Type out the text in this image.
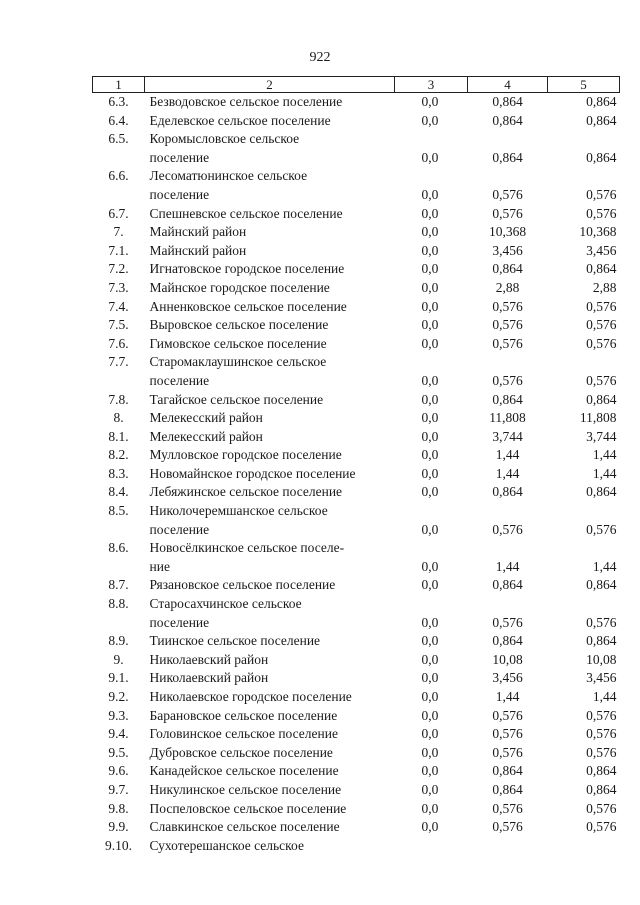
922
1	2	3	4	5
6.3.	Безводовское сельское поселение	0,0	0,864	0,864
6.4.	Еделевское сельское поселение	0,0	0,864	0,864
6.5.	Коромысловское сельское
поселение	0,0	0,864	0,864
6.6.	Лесоматюнинское сельское
поселение	0,0	0,576	0,576
6.7.	Спешневское сельское поселение	0,0	0,576	0,576
7.	Майнский район	0,0	10,368	10,368
7.1.	Майнский район	0,0	3,456	3,456
7.2.	Игнатовское городское поселение	0,0	0,864	0,864
7.3.	Майнское городское поселение	0,0	2,88	2,88
7.4.	Анненковское сельское поселение	0,0	0,576	0,576
7.5.	Выровское сельское поселение	0,0	0,576	0,576
7.6.	Гимовское сельское поселение	0,0	0,576	0,576
7.7.	Старомаклаушинское сельское
поселение	0,0	0,576	0,576
7.8.	Тагайское сельское поселение	0,0	0,864	0,864
8.	Мелекесский район	0,0	11,808	11,808
8.1.	Мелекесский район	0,0	3,744	3,744
8.2.	Мулловское городское поселение	0,0	1,44	1,44
8.3.	Новомайнское городское поселение	0,0	1,44	1,44
8.4.	Лебяжинское сельское поселение	0,0	0,864	0,864
8.5.	Николочеремшанское сельское
поселение	0,0	0,576	0,576
8.6.	Новосёлкинское сельское поселе-
ние	0,0	1,44	1,44
8.7.	Рязановское сельское поселение	0,0	0,864	0,864
8.8.	Старосахчинское сельское
поселение	0,0	0,576	0,576
8.9.	Тиинское сельское поселение	0,0	0,864	0,864
9.	Николаевский район	0,0	10,08	10,08
9.1.	Николаевский район	0,0	3,456	3,456
9.2.	Николаевское городское поселение	0,0	1,44	1,44
9.3.	Барановское сельское поселение	0,0	0,576	0,576
9.4.	Головинское сельское поселение	0,0	0,576	0,576
9.5.	Дубровское сельское поселение	0,0	0,576	0,576
9.6.	Канадейское сельское поселение	0,0	0,864	0,864
9.7.	Никулинское сельское поселение	0,0	0,864	0,864
9.8.	Поспеловское сельское поселение	0,0	0,576	0,576
9.9.	Славкинское сельское поселение	0,0	0,576	0,576
9.10.	Сухотерешанское сельское			
